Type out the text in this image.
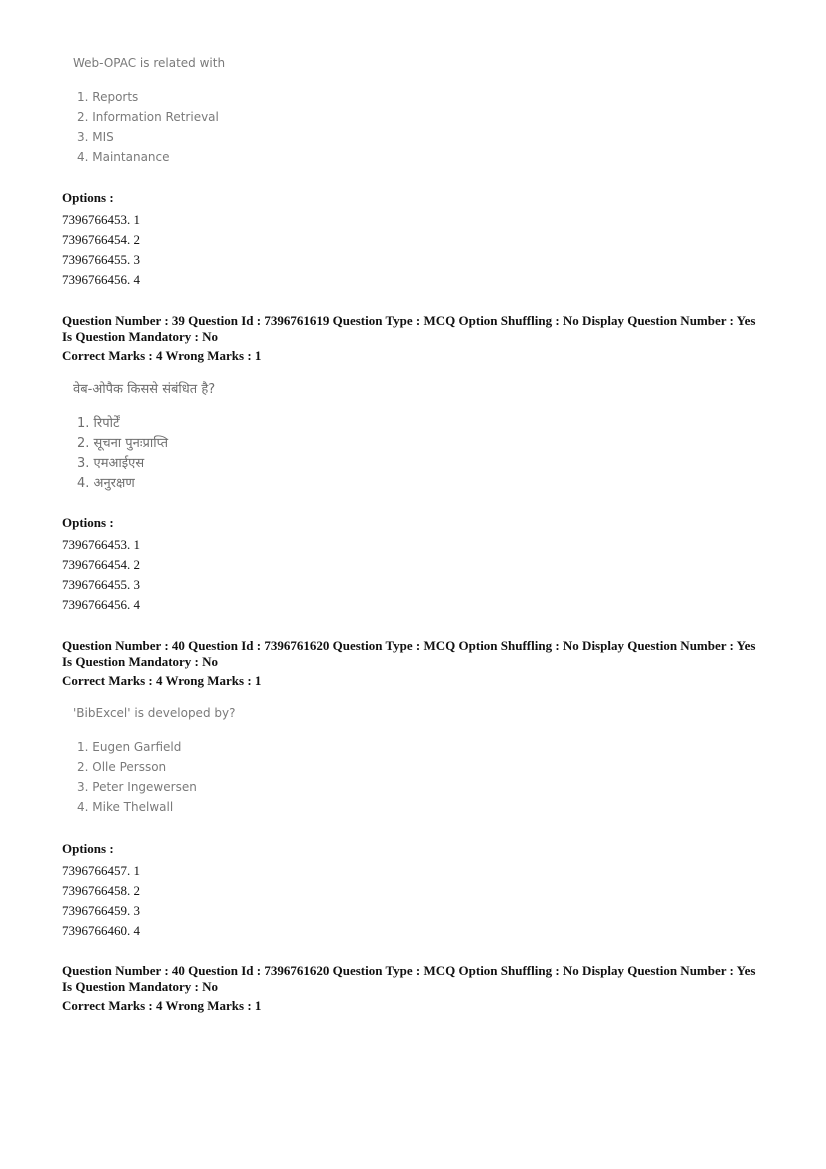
Web-OPAC is related with
1. Reports
2. Information Retrieval
3. MIS
4. Maintanance
Options :
7396766453. 1
7396766454. 2
7396766455. 3
7396766456. 4
Question Number : 39 Question Id : 7396761619 Question Type : MCQ Option Shuffling : No Display Question Number : Yes
Is Question Mandatory : No
Correct Marks : 4 Wrong Marks : 1
वेब-ओपैक किससे संबंधित है?
1. रिपोर्टें
2. सूचना पुनःप्राप्ति
3. एमआईएस
4. अनुरक्षण
Options :
7396766453. 1
7396766454. 2
7396766455. 3
7396766456. 4
Question Number : 40 Question Id : 7396761620 Question Type : MCQ Option Shuffling : No Display Question Number : Yes
Is Question Mandatory : No
Correct Marks : 4 Wrong Marks : 1
'BibExcel' is developed by?
1. Eugen Garfield
2. Olle Persson
3. Peter Ingewersen
4. Mike Thelwall
Options :
7396766457. 1
7396766458. 2
7396766459. 3
7396766460. 4
Question Number : 40 Question Id : 7396761620 Question Type : MCQ Option Shuffling : No Display Question Number : Yes
Is Question Mandatory : No
Correct Marks : 4 Wrong Marks : 1
